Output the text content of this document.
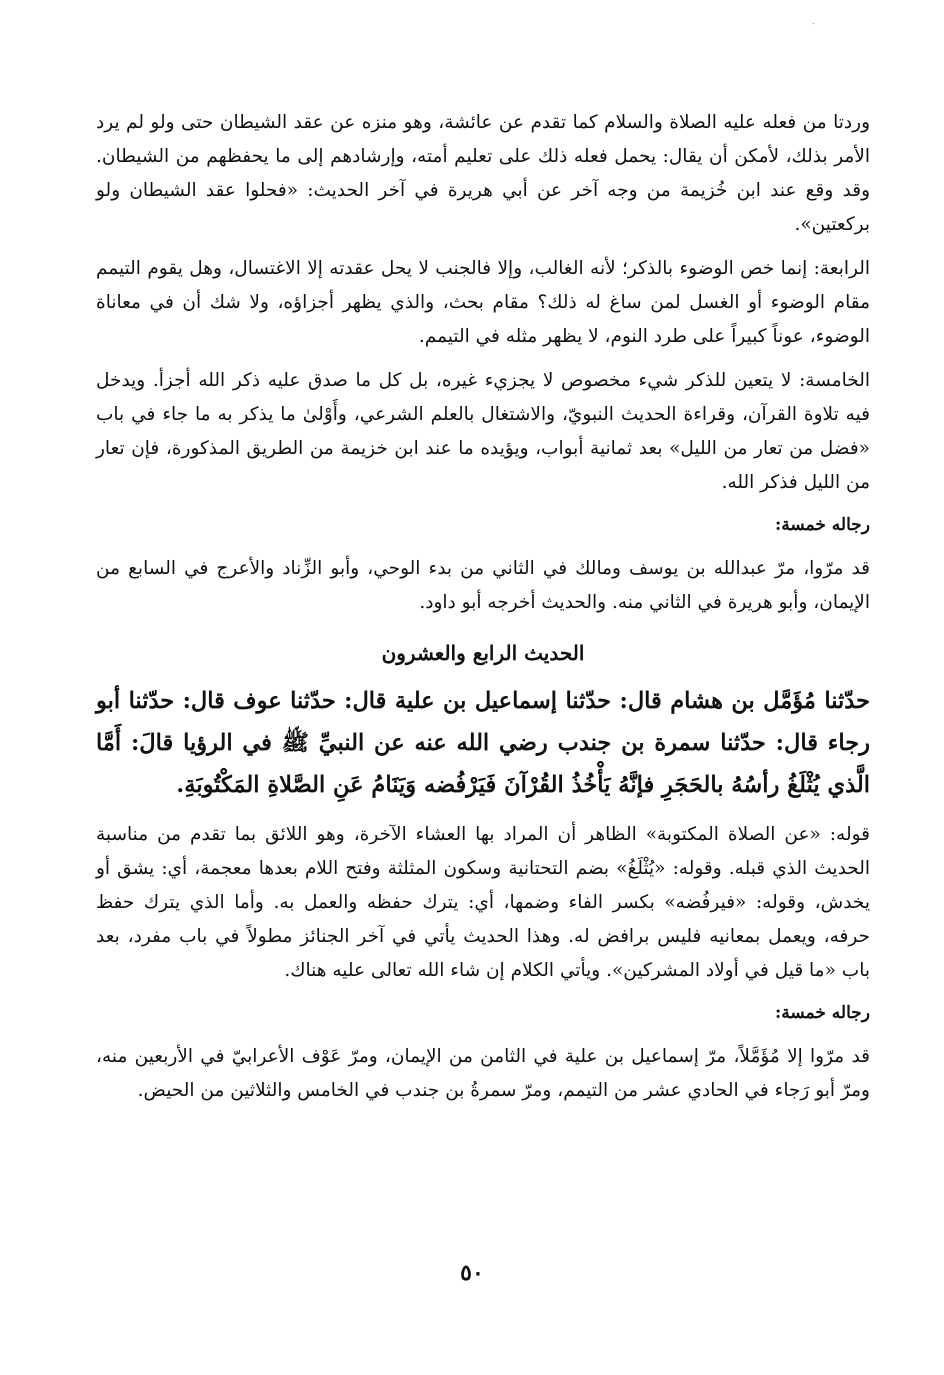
ˎ

وردتا من فعله عليه الصلاة والسلام كما تقدم عن عائشة، وهو منزه عن عقد الشيطان حتى ولو لم يرد الأمر بذلك، لأمكن أن يقال: يحمل فعله ذلك على تعليم أمته، وإرشادهم إلى ما يحفظهم من الشيطان. وقد وقع عند ابن خُزيمة من وجه آخر عن أبي هريرة في آخر الحديث: «فحلوا عقد الشيطان ولو بركعتين».

الرابعة: إنما خص الوضوء بالذكر؛ لأنه الغالب، وإلا فالجنب لا يحل عقدته إلا الاغتسال، وهل يقوم التيمم مقام الوضوء أو الغسل لمن ساغ له ذلك؟ مقام بحث، والذي يظهر أجزاؤه، ولا شك أن في معاناة الوضوء، عوناً كبيراً على طرد النوم، لا يظهر مثله في التيمم.

الخامسة: لا يتعين للذكر شيء مخصوص لا يجزيء غيره، بل كل ما صدق عليه ذكر الله أجزأ. ويدخل فيه تلاوة القرآن، وقراءة الحديث النبويّ، والاشتغال بالعلم الشرعي، وأَوْلىٰ ما يذكر به ما جاء في باب «فضل من تعار من الليل» بعد ثمانية أبواب، ويؤيده ما عند ابن خزيمة من الطريق المذكورة، فإن تعار من الليل فذكر الله.

رجاله خمسة:

قد مرّوا، مرّ عبدالله بن يوسف ومالك في الثاني من بدء الوحي، وأبو الزِّناد والأعرج في السابع من الإيمان، وأبو هريرة في الثاني منه. والحديث أخرجه أبو داود.

الحديث الرابع والعشرون

حدّثنا مُؤَمَّل بن هشام قال: حدّثنا إسماعيل بن علية قال: حدّثنا عوف قال: حدّثنا أبو رجاء قال: حدّثنا سمرة بن جندب رضي الله عنه عن النبيِّ ﷺ في الرؤيا قالَ: أَمَّا الَّذي يُثْلَغُ رأسُهُ بالحَجَرِ فإنَّهُ يَأْخُذُ القُرْآنَ فَيَرْفُضه وَيَنَامُ عَنِ الصَّلاةِ المَكْتُوبَةِ.

قوله: «عن الصلاة المكتوبة» الظاهر أن المراد بها العشاء الآخرة، وهو اللائق بما تقدم من مناسبة الحديث الذي قبله. وقوله: «يُثْلَغُ» بضم التحتانية وسكون المثلثة وفتح اللام بعدها معجمة، أي: يشق أو يخدش، وقوله: «فيرفُضه» بكسر الفاء وضمها، أي: يترك حفظه والعمل به. وأما الذي يترك حفظ حرفه، ويعمل بمعانيه فليس برافض له. وهذا الحديث يأتي في آخر الجنائز مطولاً في باب مفرد، بعد باب «ما قيل في أولاد المشركين». ويأتي الكلام إن شاء الله تعالى عليه هناك.

رجاله خمسة:

قد مرّوا إلا مُؤَمَّلاً، مرّ إسماعيل بن علية في الثامن من الإيمان، ومرّ عَوْف الأعرابيّ في الأربعين منه، ومرّ أبو رَجاء في الحادي عشر من التيمم، ومرّ سمرةُ بن جندب في الخامس والثلاثين من الحيض.

٥٠
